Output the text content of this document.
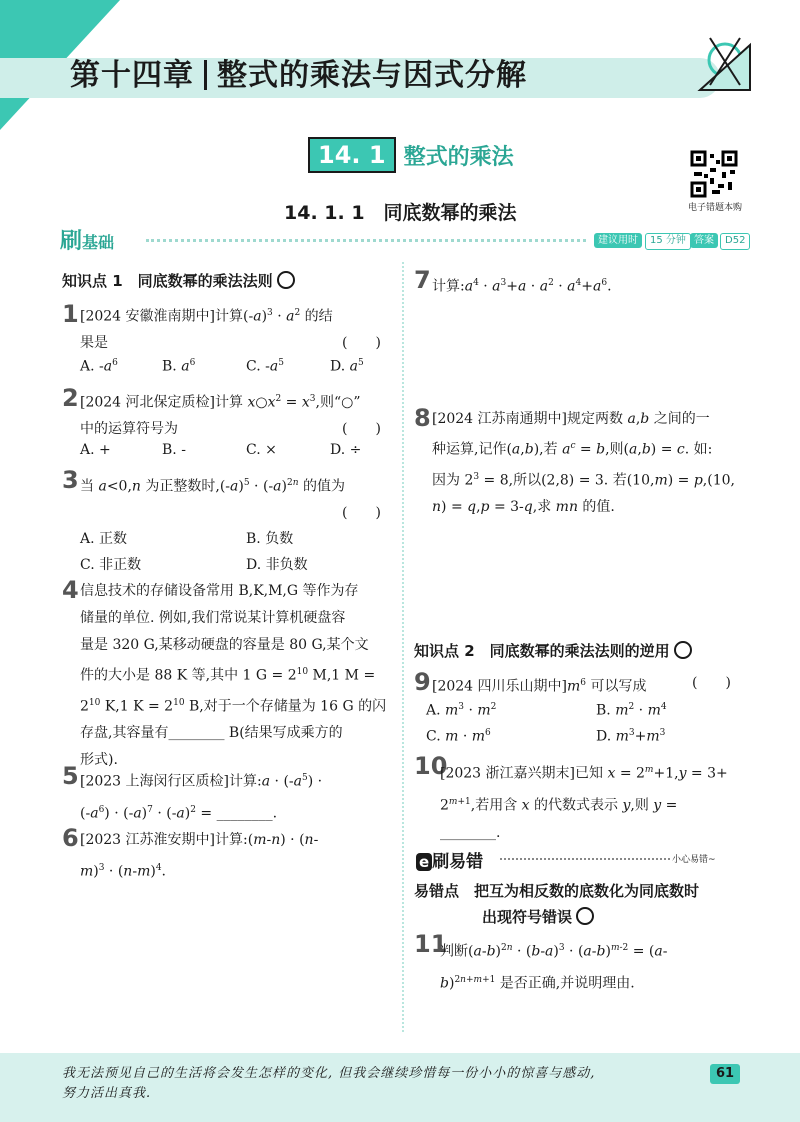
第十四章 整式的乘法与因式分解
14. 1 整式的乘法
电子错题本购
14. 1. 1　同底数幂的乘法
刷基础	建议用时	15 分钟 答案	D52
知识点 1　同底数幂的乘法法则
1 [2024 安徽淮南期中]计算$(-a)^3 \cdot a^2$ 的结
果是	(　　)
A. $-a^6$	B. $a^6$	C. $-a^5$	D. $a^5$
2 [2024 河北保定质检]计算 $x○x^2 = x^3$,则“○”
中的运算符号为	(　　)
A. +	B. -	C. ×	D. ÷
3 当 a<0,n 为正整数时$,(-a)^5 \cdot (-a)^{2n}$ 的值为

(　　)
A. 正数	B. 负数
C. 非正数	D. 非负数
4 信息技术的存储设备常用 B,K,M,G 等作为存
储量的单位. 例如,我们常说某计算机硬盘容
量是 320 G,某移动硬盘的容量是 80 G,某个文
件的大小是 88 K 等,其中 1 $G = 2^{10}$ M,1 M =
$2^{10}$ K,1 $K = 2^{10}$ B,对于一个存储量为 16 G 的闪
存盘,其容量有________ B(结果写成乘方的
形式).
5 [2023 上海闵行区质检]计算:a · $(-a^5)$ ·
$(-a^6) \cdot (-a)^7 \cdot (-a)^2$ = ________.
6 [2023 江苏淮安期中]计算:(m-n) · (n-
$m)^3 \cdot (n-m)^4$.
7 计算$:a^4 \cdot a^3+a \cdot a^2 \cdot a^4+a^6$.
8 [2024 江苏南通期中]规定两数 a,b 之间的一
种运算,记作(a,b),若 $a^c = b$,则(a,b) = c. 如:
因为 $2^3 = 8$,所以(2,8) = 3. 若(10,m) = p,(10,
n) = q,p = 3-q,求 mn 的值.
知识点 2　同底数幂的乘法法则的逆用
9 [2024 四川乐山期中]$m^6$ 可以写成	(　　)
A. $m^3 \cdot m^2$	B. $m^2 \cdot m^4$
C. $m \cdot m^6$	D. $m^3+m^3$
10
[2023 浙江嘉兴期末]已知 $x = 2^m+1,y = 3+$
$2^{m+1}$,若用含 x 的代数式表示 y,则 y =
________.
e 刷易错	小心易错~
易错点　 把互为相反数的底数化为同底数时
出现符号错误
11
判断$(a-b)^{2n} \cdot (b-a)^3 \cdot (a-b)^{m-2} = (a-$
b)$^{2n+m+1}$ 是否正确,并说明理由.
我无法预见自己的生活将会发生怎样的变化, 但我会继续珍惜每一份小小的惊喜与感动,
努力活出真我.
61
